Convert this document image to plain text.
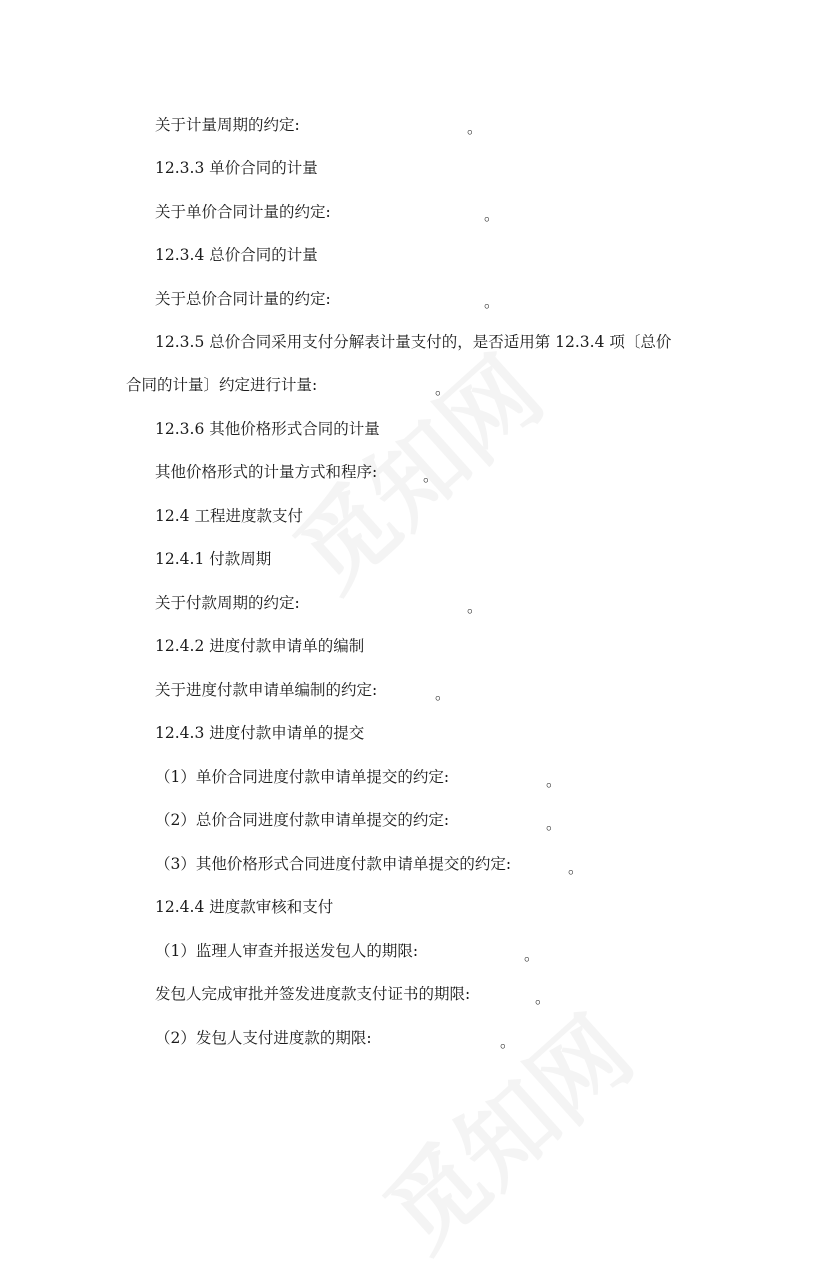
关于计量周期的约定:	。
12.3.3 单价合同的计量
关于单价合同计量的约定:	。
12.3.4 总价合同的计量
关于总价合同计量的约定:	。
12.3.5 总价合同采用支付分解表计量支付的，是否适用第 12.3.4 项〔总价
合同的计量〕约定进行计量:	。
12.3.6 其他价格形式合同的计量
其他价格形式的计量方式和程序:	。
12.4 工程进度款支付
12.4.1 付款周期
关于付款周期的约定:	。
12.4.2 进度付款申请单的编制
关于进度付款申请单编制的约定:	。
12.4.3 进度付款申请单的提交
（1）单价合同进度付款申请单提交的约定:	。
（2）总价合同进度付款申请单提交的约定:	。
（3）其他价格形式合同进度付款申请单提交的约定:	。
12.4.4 进度款审核和支付
（1）监理人审查并报送发包人的期限:	。
发包人完成审批并签发进度款支付证书的期限:	。
（2）发包人支付进度款的期限:	。
